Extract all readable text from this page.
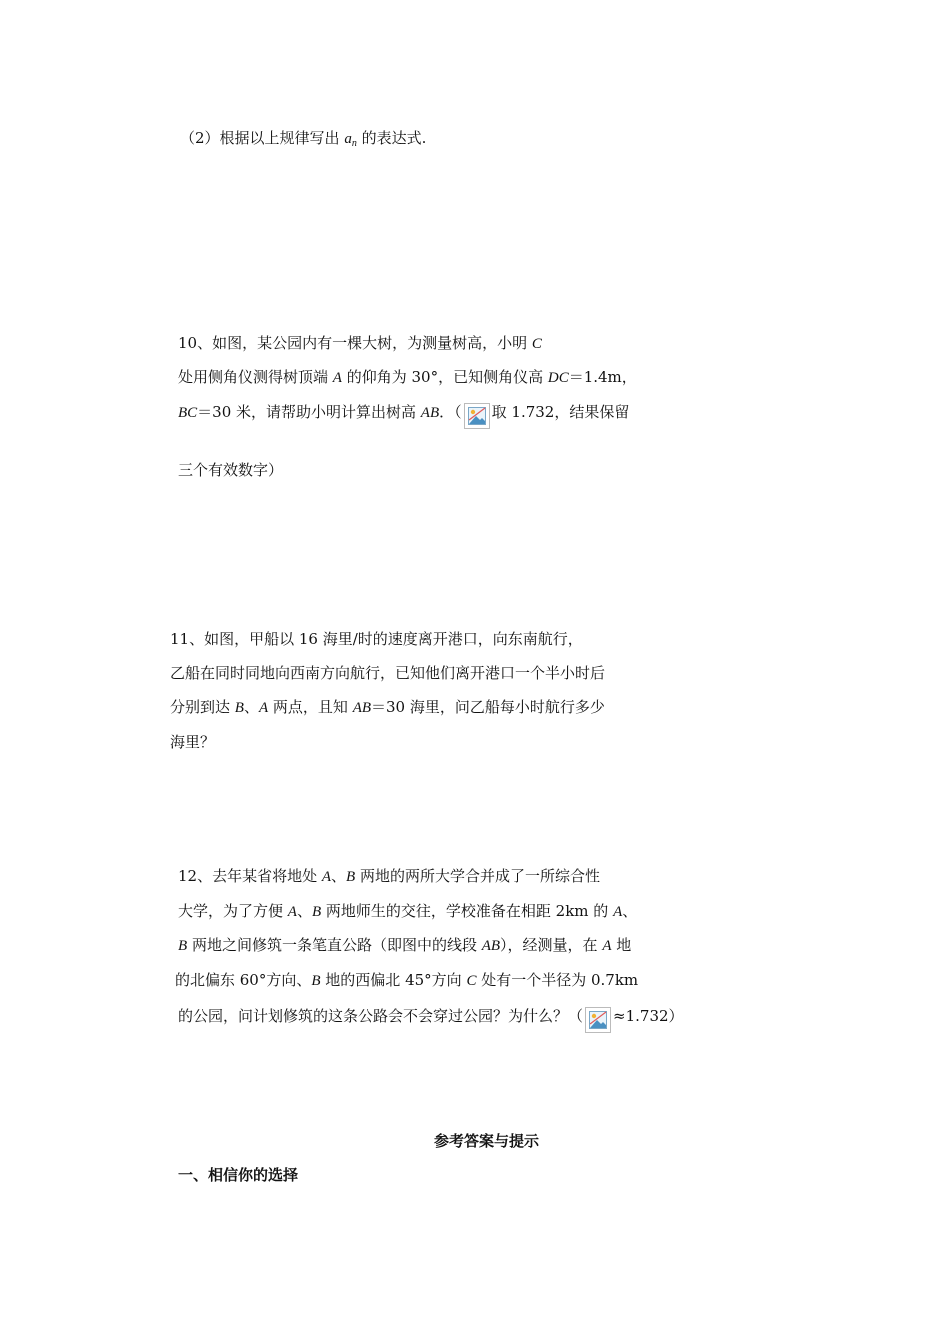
（2）根据以上规律写出 $a_n$ 的表达式.
10、如图，某公园内有一棵大树，为测量树高，小明 C
处用侧角仪测得树顶端 A 的仰角为 30°，已知侧角仪高 DC＝1.4m，
BC＝30 米，请帮助小明计算出树高 AB．（ 取 1.732，结果保留
三个有效数字）
11、如图，甲船以 16 海里/时的速度离开港口，向东南航行，
乙船在同时同地向西南方向航行，已知他们离开港口一个半小时后
分别到达 B、A 两点，且知 AB＝30 海里，问乙船每小时航行多少
海里？
12、去年某省将地处 A、B 两地的两所大学合并成了一所综合性
大学，为了方便 A、B 两地师生的交往，学校准备在相距 2km 的 A、
B 两地之间修筑一条笔直公路（即图中的线段 AB），经测量，在 A 地
的北偏东 60°方向、B 地的西偏北 45°方向 C 处有一个半径为 0.7km
的公园，问计划修筑的这条公路会不会穿过公园？为什么？（ ≈1.732）
参考答案与提示
一、相信你的选择
